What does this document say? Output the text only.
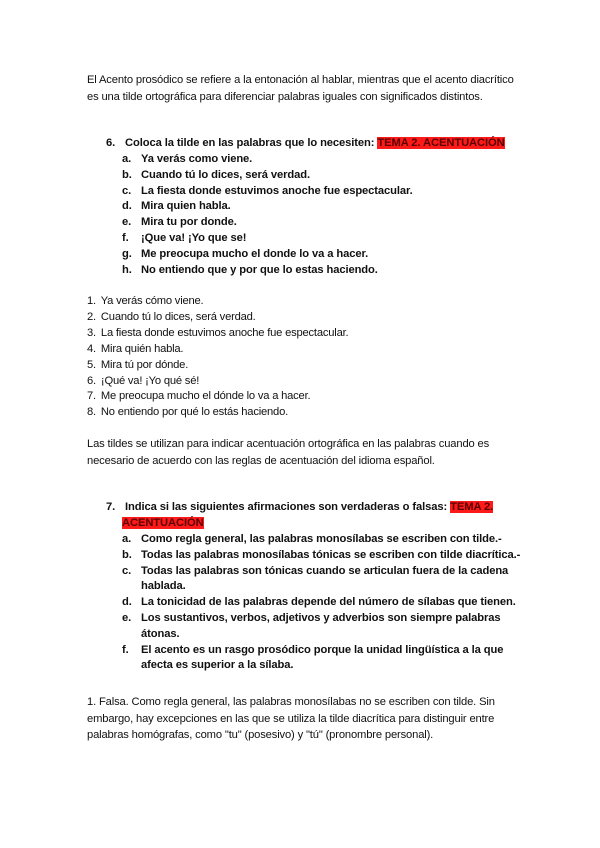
El Acento prosódico se refiere a la entonación al hablar, mientras que el acento diacrítico es una tilde ortográfica para diferenciar palabras iguales con significados distintos.
6. Coloca la tilde en las palabras que lo necesiten: TEMA 2. ACENTUACIÓN
a. Ya verás como viene.
b. Cuando tú lo dices, será verdad.
c. La fiesta donde estuvimos anoche fue espectacular.
d. Mira quien habla.
e. Mira tu por donde.
f. ¡Que va! ¡Yo que se!
g. Me preocupa mucho el donde lo va a hacer.
h. No entiendo que y por que lo estas haciendo.
1. Ya verás cómo viene.
2. Cuando tú lo dices, será verdad.
3. La fiesta donde estuvimos anoche fue espectacular.
4. Mira quién habla.
5. Mira tú por dónde.
6. ¡Qué va! ¡Yo qué sé!
7. Me preocupa mucho el dónde lo va a hacer.
8. No entiendo por qué lo estás haciendo.
Las tildes se utilizan para indicar acentuación ortográfica en las palabras cuando es necesario de acuerdo con las reglas de acentuación del idioma español.
7. Indica si las siguientes afirmaciones son verdaderas o falsas: TEMA 2.
ACENTUACIÓN
a. Como regla general, las palabras monosílabas se escriben con tilde.-
b. Todas las palabras monosílabas tónicas se escriben con tilde diacrítica.-
c. Todas las palabras son tónicas cuando se articulan fuera de la cadena hablada.
d. La tonicidad de las palabras depende del número de sílabas que tienen.
e. Los sustantivos, verbos, adjetivos y adverbios son siempre palabras átonas.
f. El acento es un rasgo prosódico porque la unidad lingüística a la que afecta es superior a la sílaba.
1. Falsa. Como regla general, las palabras monosílabas no se escriben con tilde. Sin embargo, hay excepciones en las que se utiliza la tilde diacrítica para distinguir entre palabras homógrafas, como "tu" (posesivo) y "tú" (pronombre personal).
